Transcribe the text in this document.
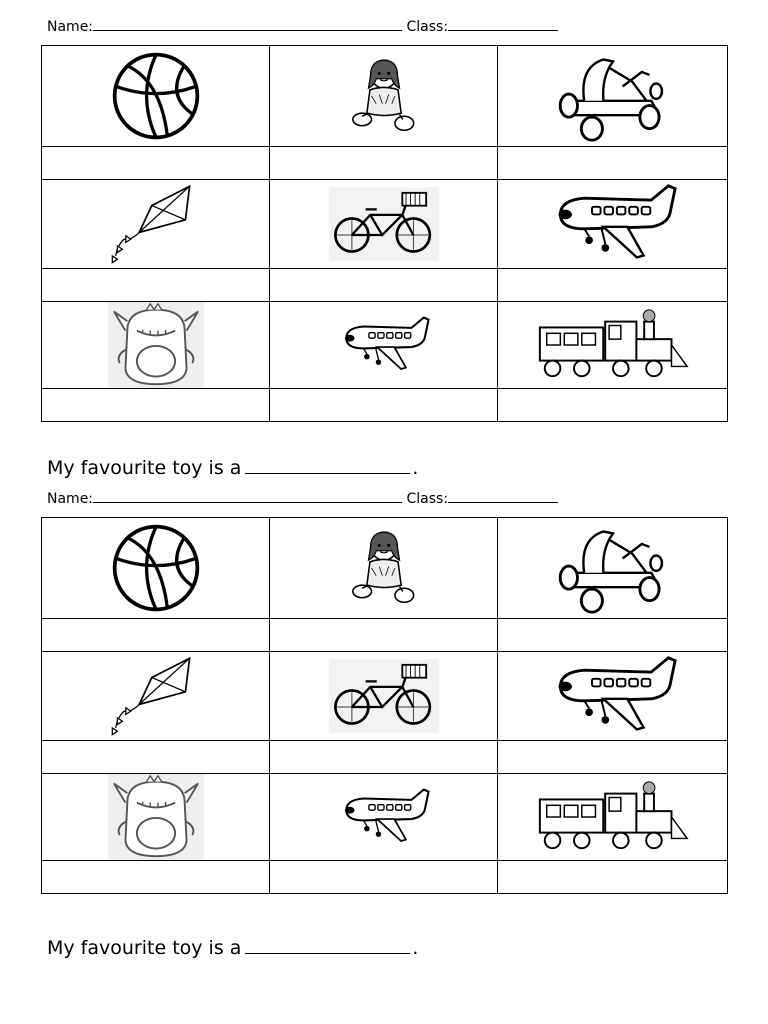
Name:	Class:

My favourite toy is a	.
Name:	Class:

My favourite toy is a	.
